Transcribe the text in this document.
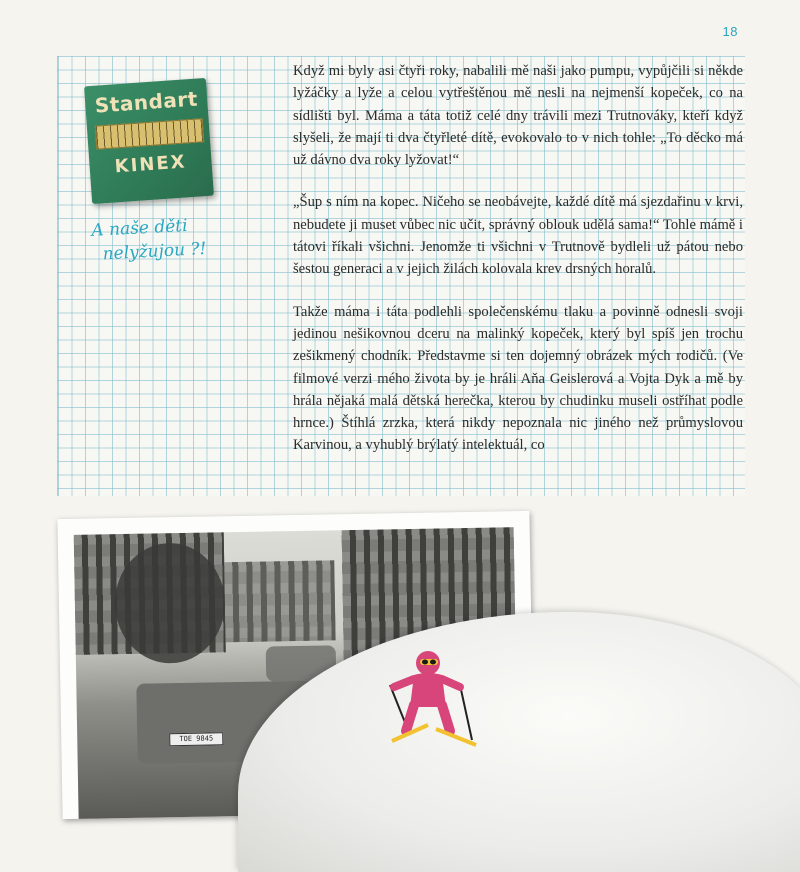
18
Standart
KINEX
A naše děti
nelyžujou ?!

Když mi byly asi čtyři roky, nabalili mě naši jako pumpu, vypůjčili si někde lyžáčky a lyže a celou vytřeštěnou mě nesli na nejmenší kopeček, co na sídlišti byl. Máma a táta totiž celé dny trávili mezi Trutnováky, kteří když slyšeli, že mají ti dva čtyřleté dítě, evokovalo to v nich tohle: „To děcko má už dávno dva roky lyžovat!“

„Šup s ním na kopec. Ničeho se neobávejte, každé dítě má sjezdařinu v krvi, nebudete ji muset vůbec nic učit, správný oblouk udělá sama!“ Tohle mámě i tátovi říkali všichni. Jenomže ti všichni v Trutnově bydleli už pátou nebo šestou generaci a v jejich žilách kolovala krev drsných horalů.

Takže máma i táta podlehli společenskému tlaku a povinně odnesli svoji jedinou nešikovnou dceru na malinký kopeček, který byl spíš jen trochu zešikmený chodník. Představme si ten dojemný obrázek mých rodičů. (Ve filmové verzi mého života by je hráli Aňa Geislerová a Vojta Dyk a mě by hrála nějaká malá dětská herečka, kterou by chudinku museli ostříhat podle hrnce.) Štíhlá zrzka, která nikdy nepoznala nic jiného než průmyslovou Karvinou, a vyhublý brýlatý intelektuál, co

TOE 9845
